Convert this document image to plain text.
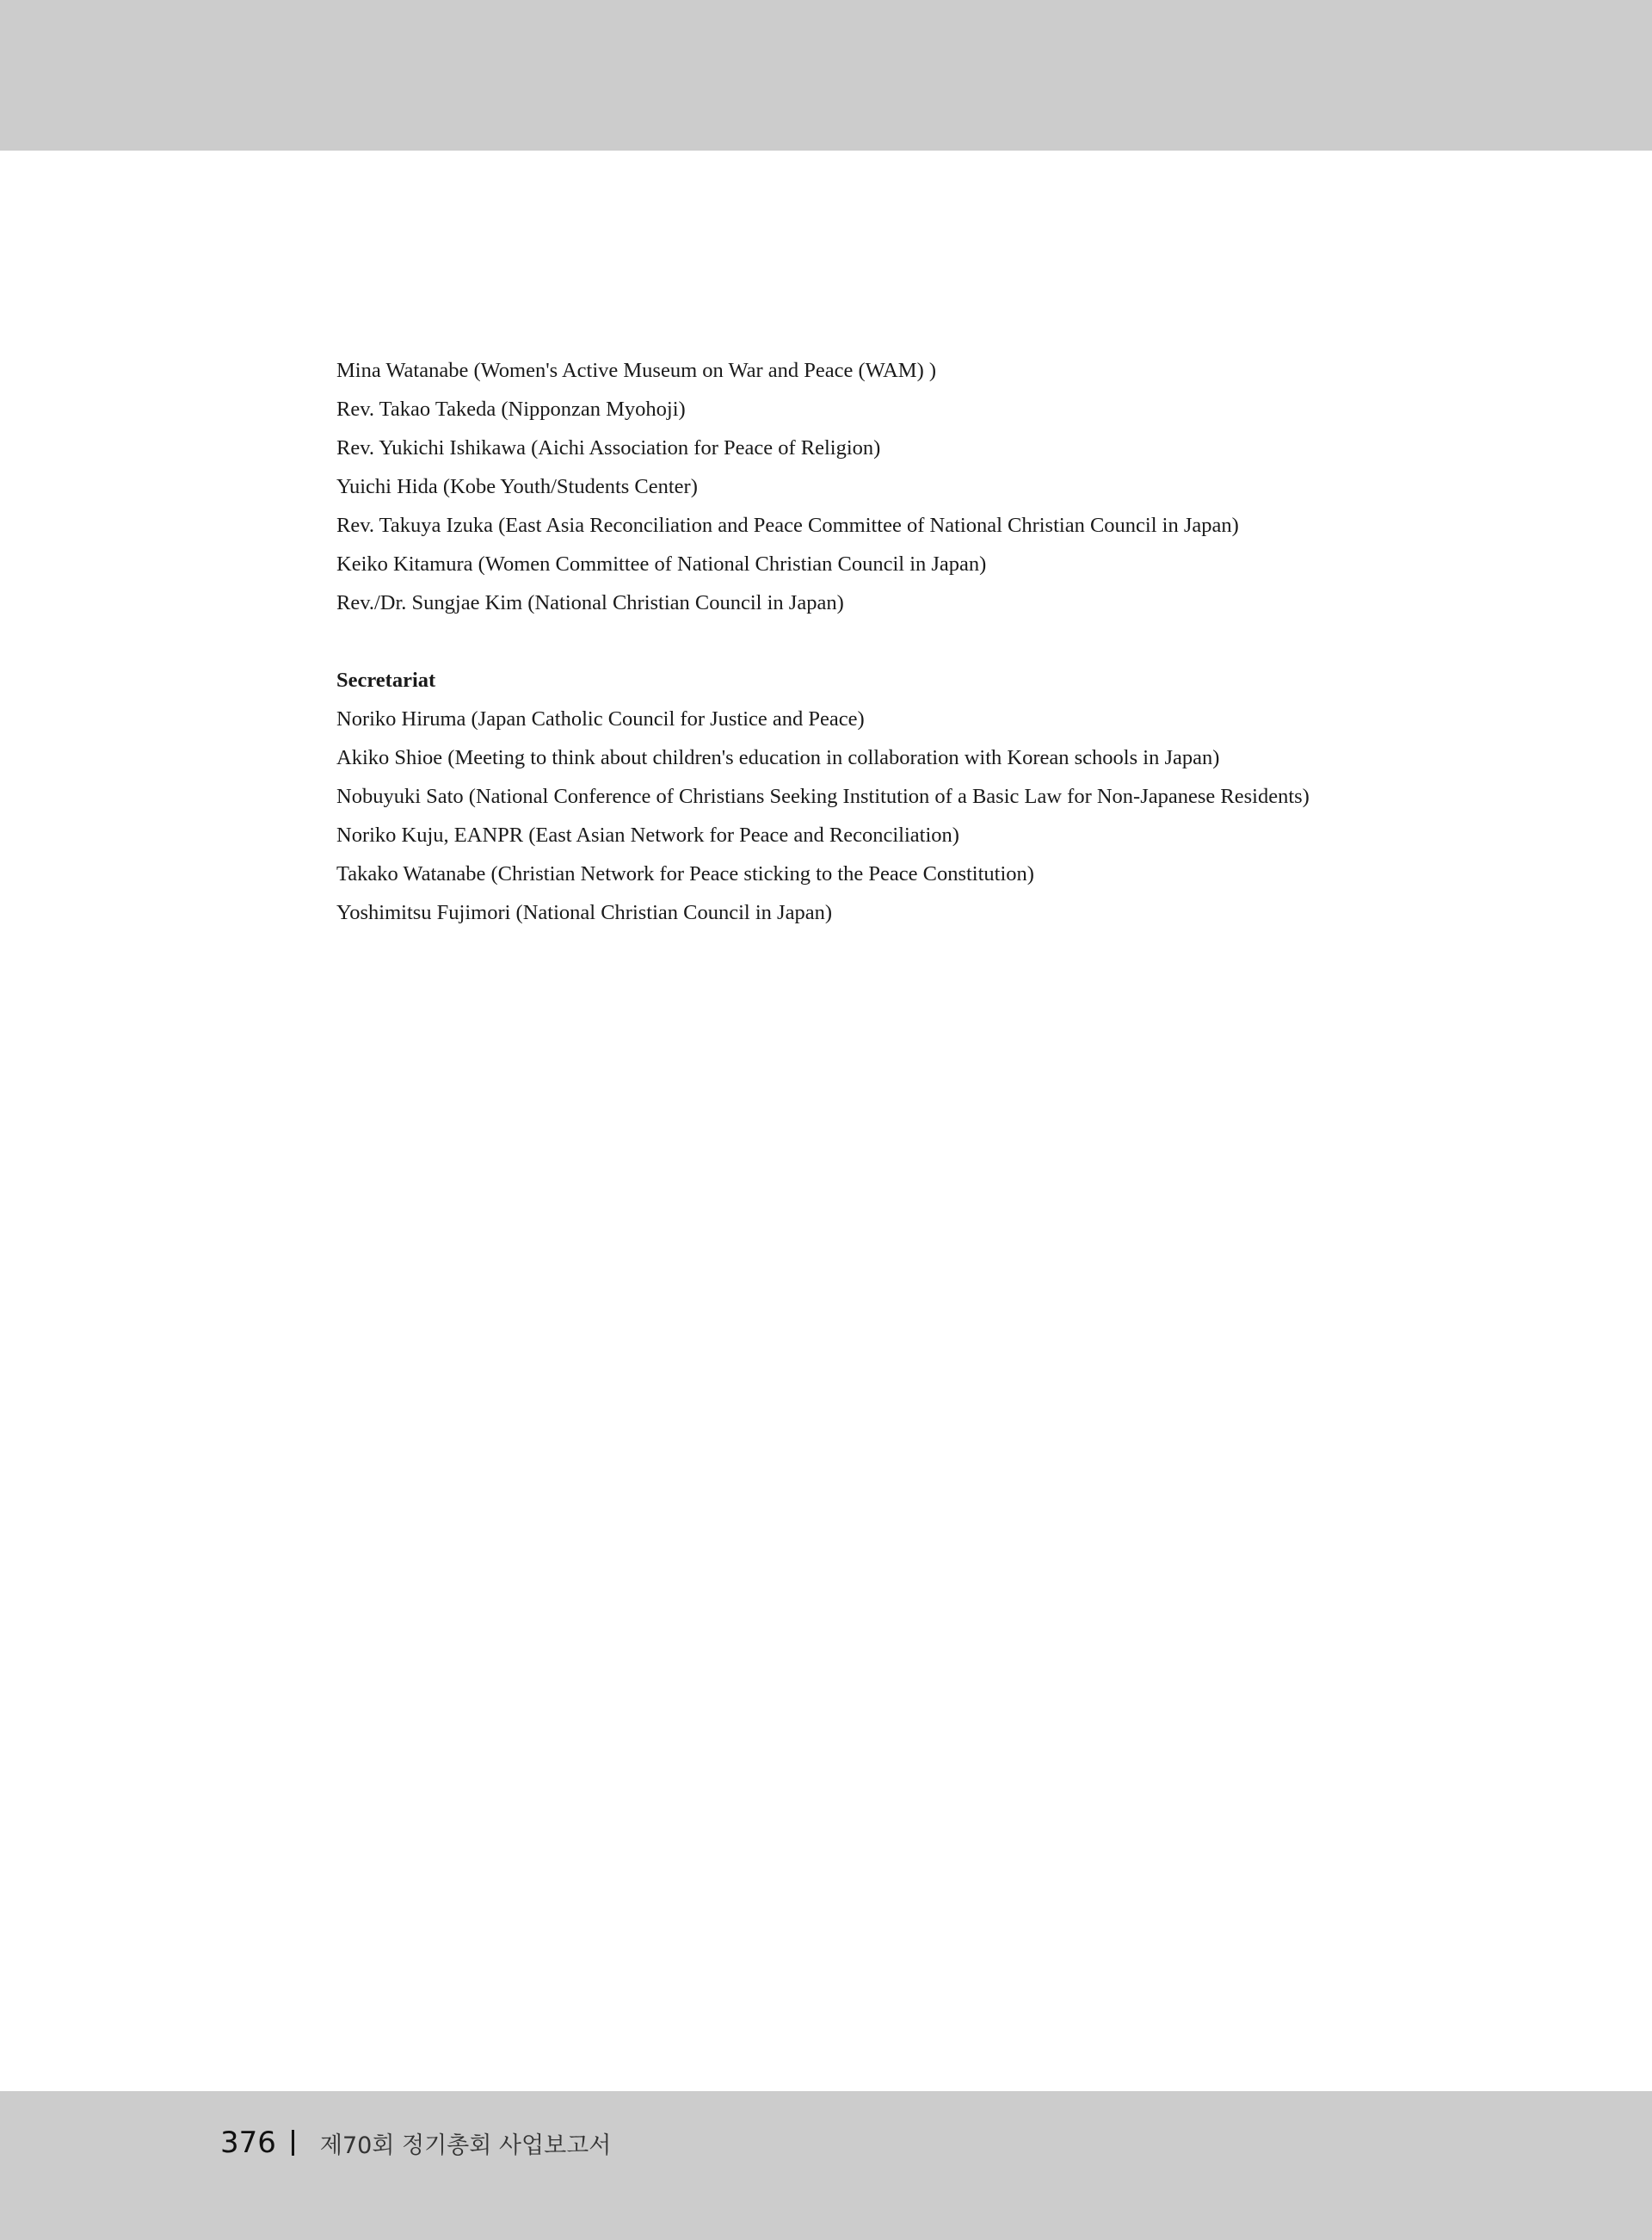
Mina Watanabe (Women's Active Museum on War and Peace (WAM) )
Rev. Takao Takeda (Nipponzan Myohoji)
Rev. Yukichi Ishikawa (Aichi Association for Peace of Religion)
Yuichi Hida (Kobe Youth/Students Center)
Rev. Takuya Izuka (East Asia Reconciliation and Peace Committee of National Christian Council in Japan)
Keiko Kitamura (Women Committee of National Christian Council in Japan)
Rev./Dr. Sungjae Kim (National Christian Council in Japan)
Secretariat
Noriko Hiruma (Japan Catholic Council for Justice and Peace)
Akiko Shioe (Meeting to think about children's education in collaboration with Korean schools in Japan)
Nobuyuki Sato (National Conference of Christians Seeking Institution of a Basic Law for Non-Japanese Residents)
Noriko Kuju, EANPR (East Asian Network for Peace and Reconciliation)
Takako Watanabe (Christian Network for Peace sticking to the Peace Constitution)
Yoshimitsu Fujimori (National Christian Council in Japan)
376 제70회 정기총회 사업보고서
